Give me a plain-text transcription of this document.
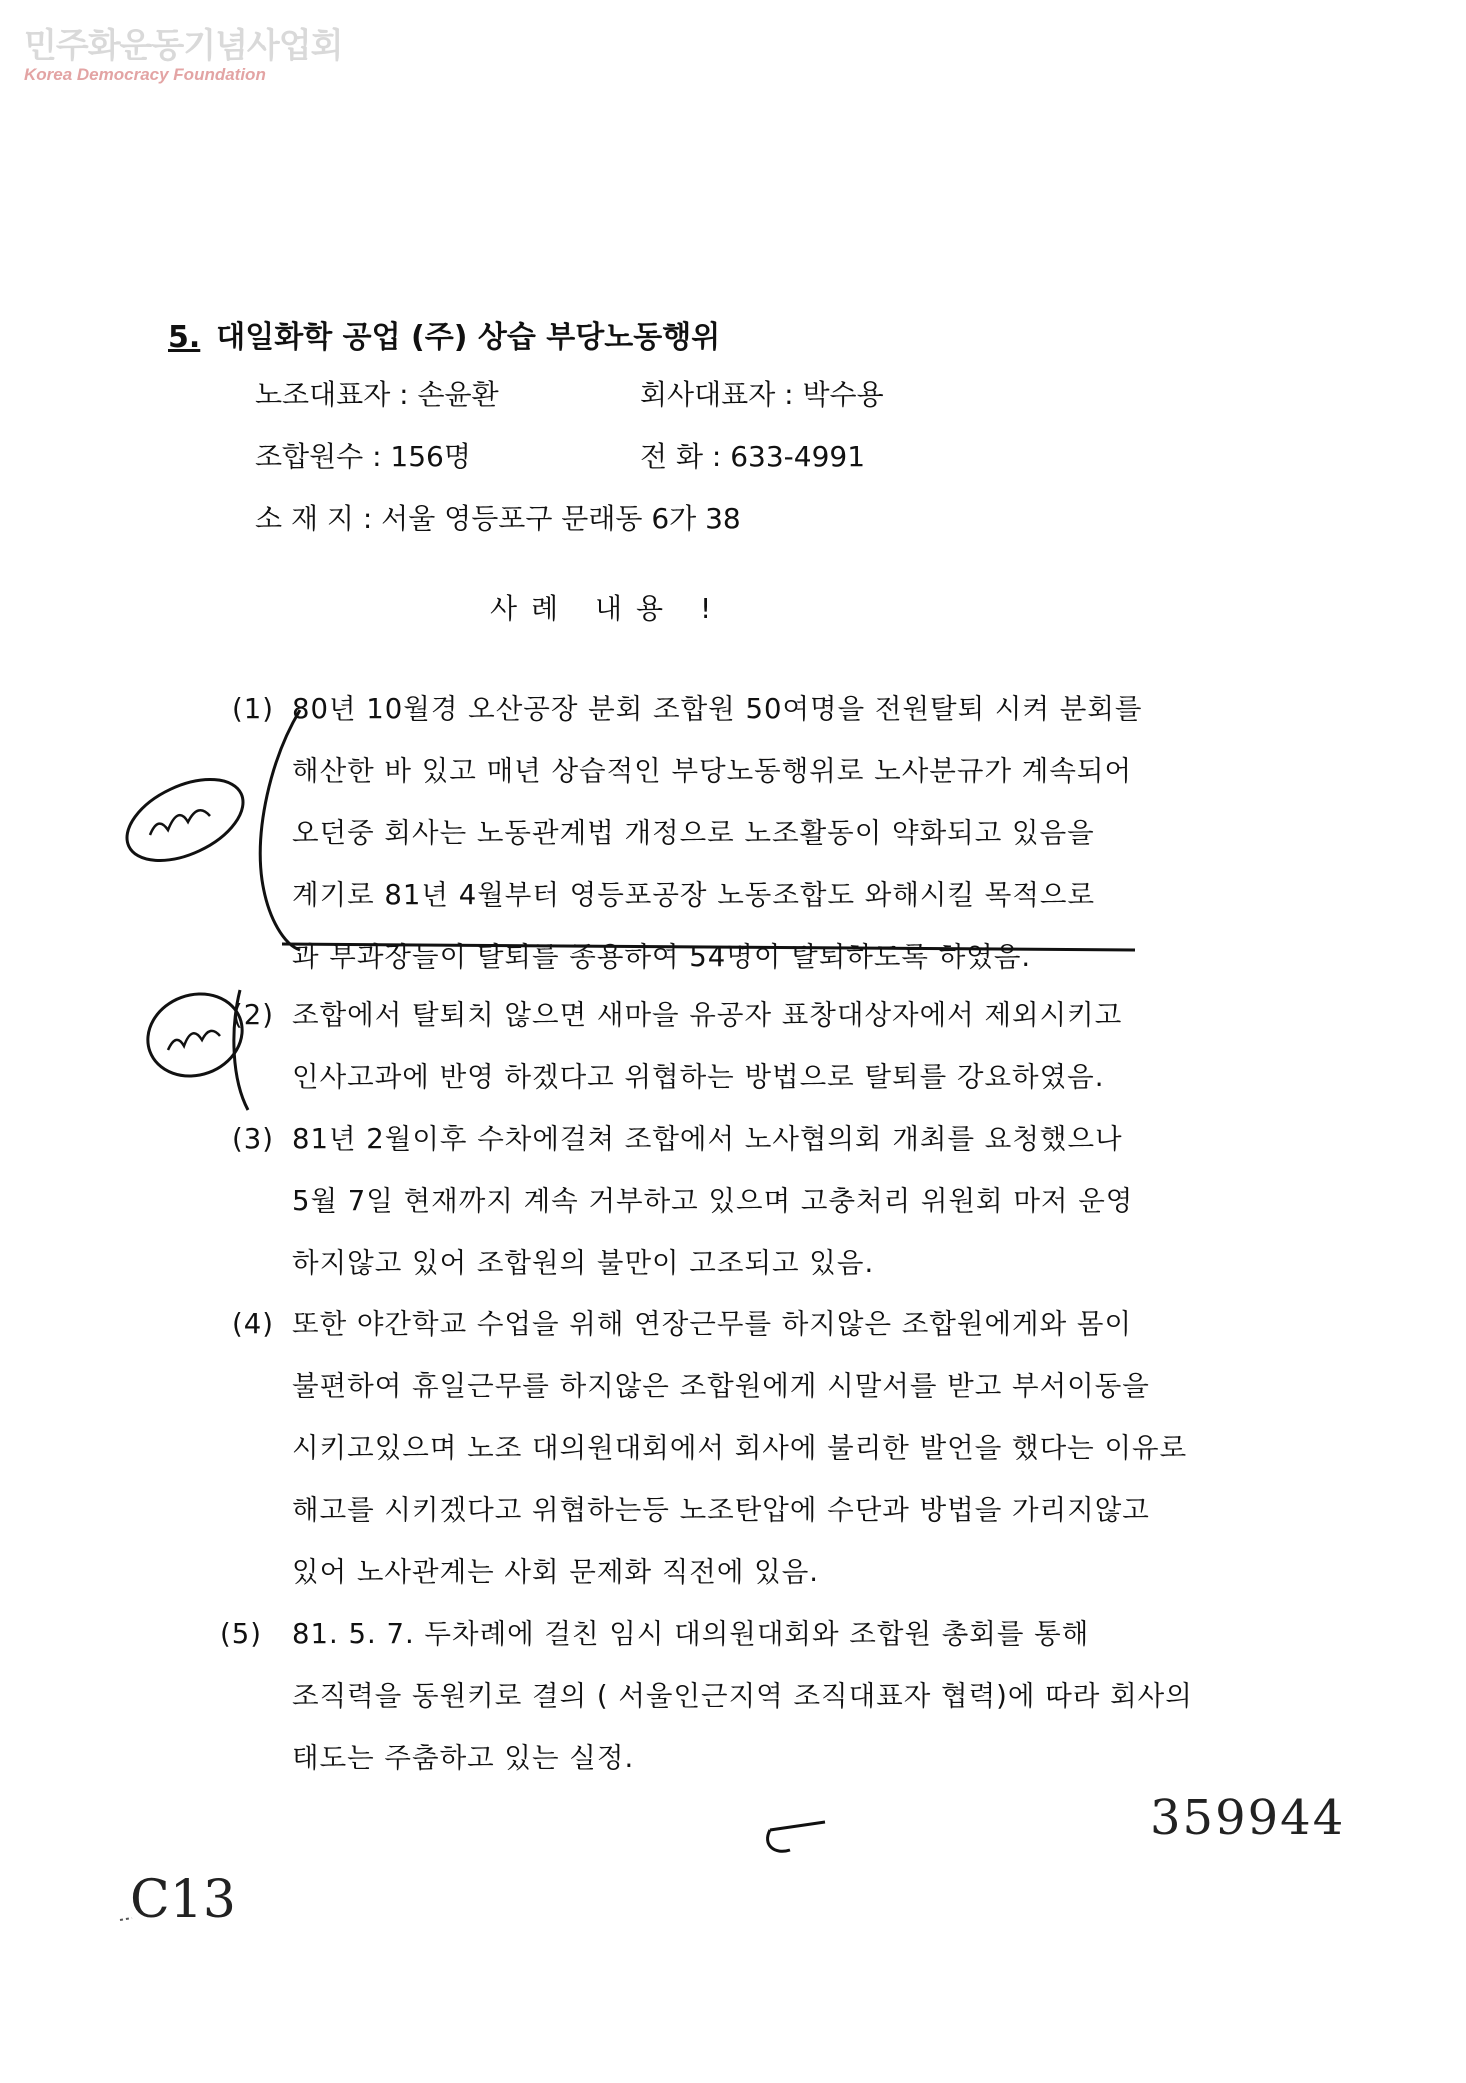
민주화운동기념사업회
Korea Democracy Foundation
5. 대일화학 공업 (주) 상습 부당노동행위
노조대표자 : 손윤환	회사대표자 : 박수용
조합원수 : 156명	전 화 : 633-4991
소 재 지 : 서울 영등포구 문래동 6가 38
사례 내용 !
(1) 80년 10월경 오산공장 분회 조합원 50여명을 전원탈퇴 시켜 분회를
해산한 바 있고 매년 상습적인 부당노동행위로 노사분규가 계속되어
오던중 회사는 노동관계법 개정으로 노조활동이 약화되고 있음을
계기로 81년 4월부터 영등포공장 노동조합도 와해시킬 목적으로
과 부과장들이 탈퇴를 종용하여 54명이 탈퇴하도록 하였음.
(2) 조합에서 탈퇴치 않으면 새마을 유공자 표창대상자에서 제외시키고
인사고과에 반영 하겠다고 위협하는 방법으로 탈퇴를 강요하였음.
(3) 81년 2월이후 수차에걸쳐 조합에서 노사협의회 개최를 요청했으나
5월 7일 현재까지 계속 거부하고 있으며 고충처리 위원회 마저 운영
하지않고 있어 조합원의 불만이 고조되고 있음.
(4) 또한 야간학교 수업을 위해 연장근무를 하지않은 조합원에게와 몸이
불편하여 휴일근무를 하지않은 조합원에게 시말서를 받고 부서이동을
시키고있으며 노조 대의원대회에서 회사에 불리한 발언을 했다는 이유로
해고를 시키겠다고 위협하는등 노조탄압에 수단과 방법을 가리지않고
있어 노사관계는 사회 문제화 직전에 있음.
(5) 81. 5. 7. 두차례에 걸친 임시 대의원대회와 조합원 총회를 통해
조직력을 동원키로 결의 ( 서울인근지역 조직대표자 협력)에 따라 회사의
태도는 주춤하고 있는 실정.
C13
359944
